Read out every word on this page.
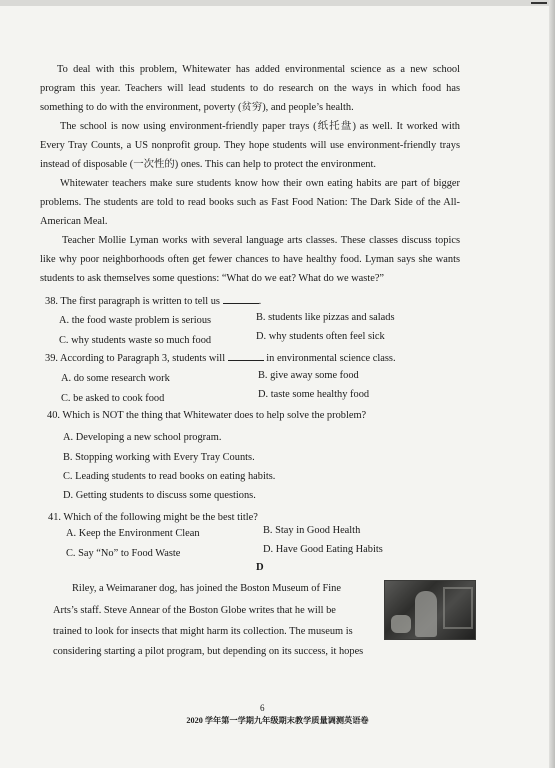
To deal with this problem, Whitewater has added environmental science as a new school program this year. Teachers will lead students to do research on the ways in which food has something to do with the environment, poverty (贫穷), and people’s health.
The school is now using environment-friendly paper trays (纸托盘) as well. It worked with Every Tray Counts, a US nonprofit group. They hope students will use environment-friendly trays instead of disposable (一次性的) ones. This can help to protect the environment.
Whitewater teachers make sure students know how their own eating habits are part of bigger problems. The students are told to read books such as Fast Food Nation: The Dark Side of the All-American Meal.
Teacher Mollie Lyman works with several language arts classes. These classes discuss topics like why poor neighborhoods often get fewer chances to have healthy food. Lyman says she wants students to ask themselves some questions: “What do we eat? What do we waste?”
38. The first paragraph is written to tell us	.
A. the food waste problem is serious	B. students like pizzas and salads
C. why students waste so much food	D. why students often feel sick
39. According to Paragraph 3, students will	in environmental science class.
A. do some research work	B. give away some food
C. be asked to cook food	D. taste some healthy food
40. Which is NOT the thing that Whitewater does to help solve the problem?
A. Developing a new school program.
B. Stopping working with Every Tray Counts.
C. Leading students to read books on eating habits.
D. Getting students to discuss some questions.
41. Which of the following might be the best title?
A. Keep the Environment Clean	B. Stay in Good Health
C. Say “No” to Food Waste	D. Have Good Eating Habits
D
Riley, a Weimaraner dog, has joined the Boston Museum of Fine
Arts’s staff. Steve Annear of the Boston Globe writes that he will be
trained to look for insects that might harm its collection. The museum is
considering starting a pilot program, but depending on its success, it hopes
6
2020 学年第一学期九年级期末教学质量调测英语卷
